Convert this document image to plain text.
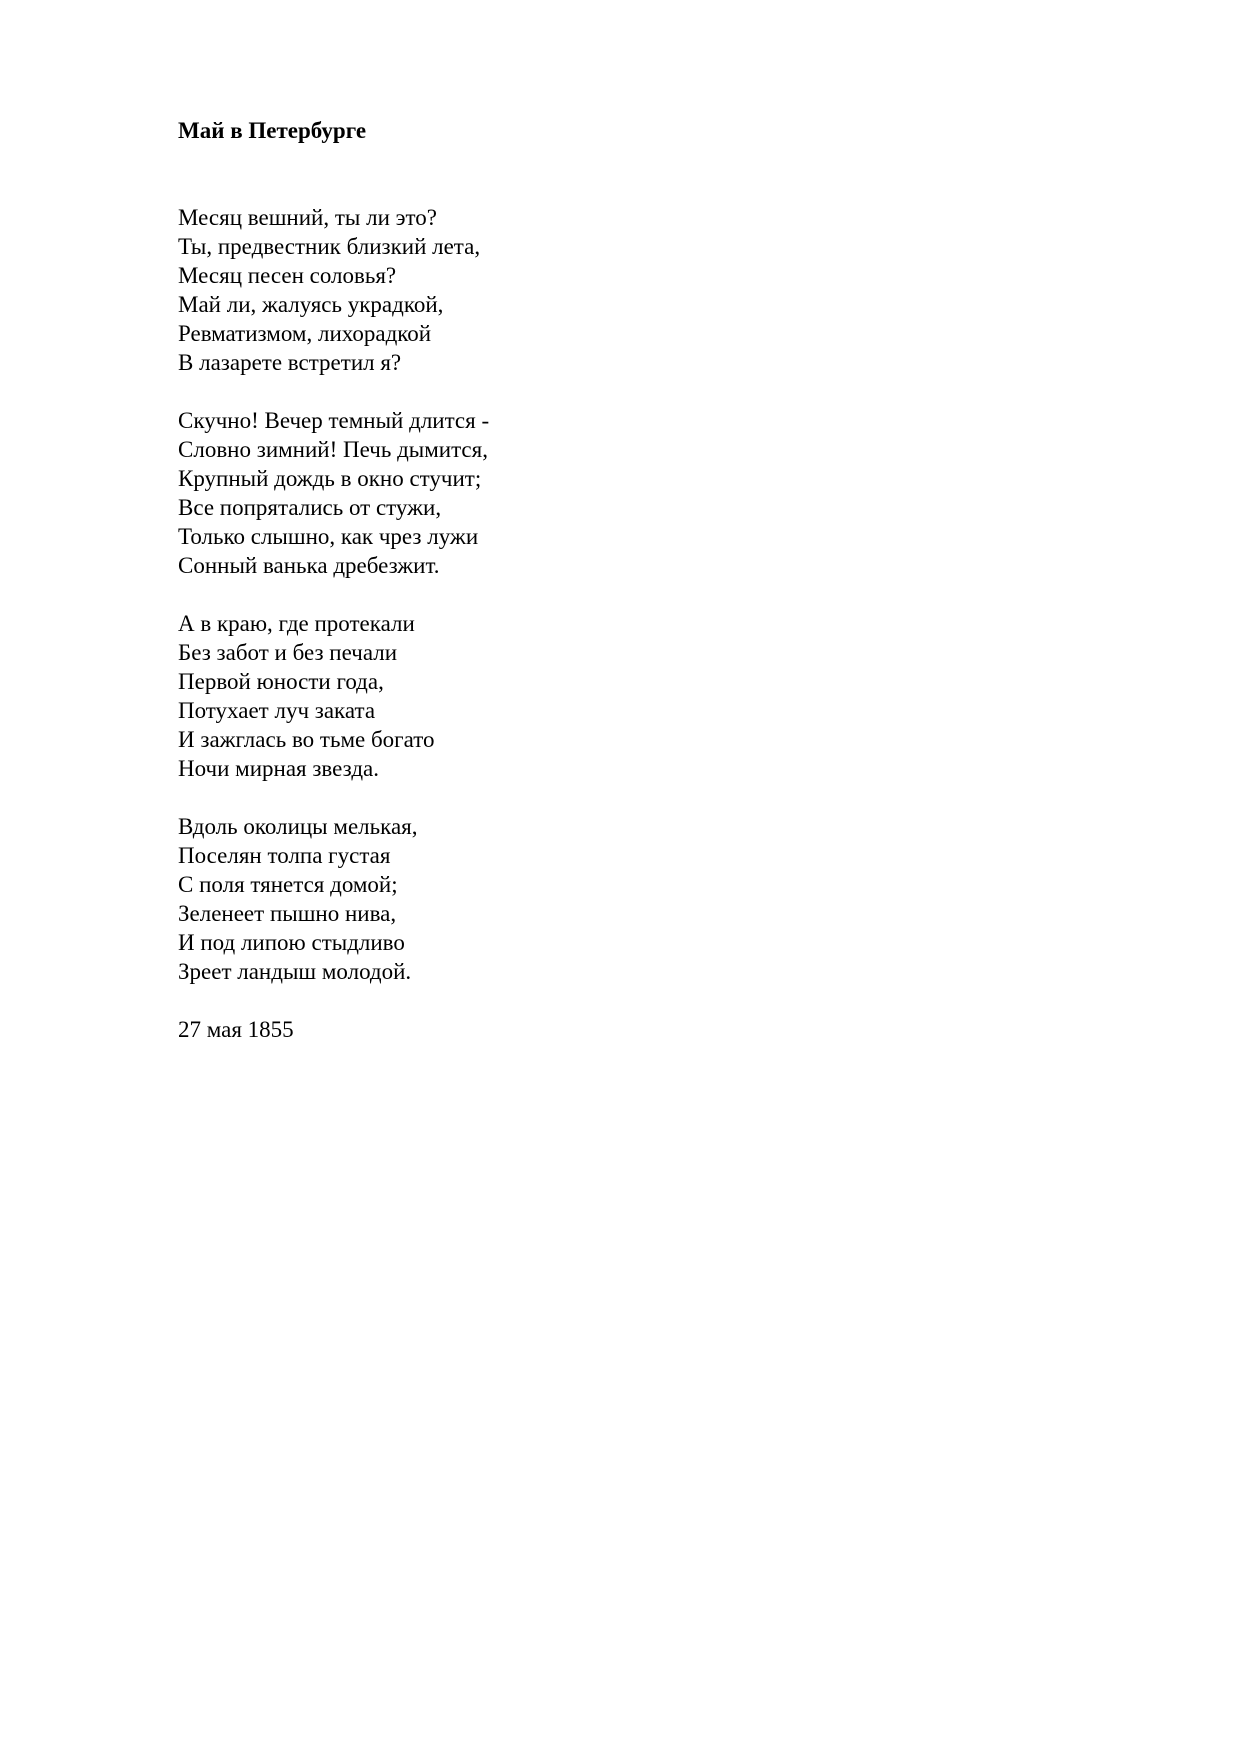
Май в Петербурге
Месяц вешний, ты ли это?
Ты, предвестник близкий лета,
Месяц песен соловья?
Май ли, жалуясь украдкой,
Ревматизмом, лихорадкой
В лазарете встретил я?
Скучно! Вечер темный длится -
Словно зимний! Печь дымится,
Крупный дождь в окно стучит;
Все попрятались от стужи,
Только слышно, как чрез лужи
Сонный ванька дребезжит.
А в краю, где протекали
Без забот и без печали
Первой юности года,
Потухает луч заката
И зажглась во тьме богато
Ночи мирная звезда.
Вдоль околицы мелькая,
Поселян толпа густая
С поля тянется домой;
Зеленеет пышно нива,
И под липою стыдливо
Зреет ландыш молодой.

27 мая 1855
